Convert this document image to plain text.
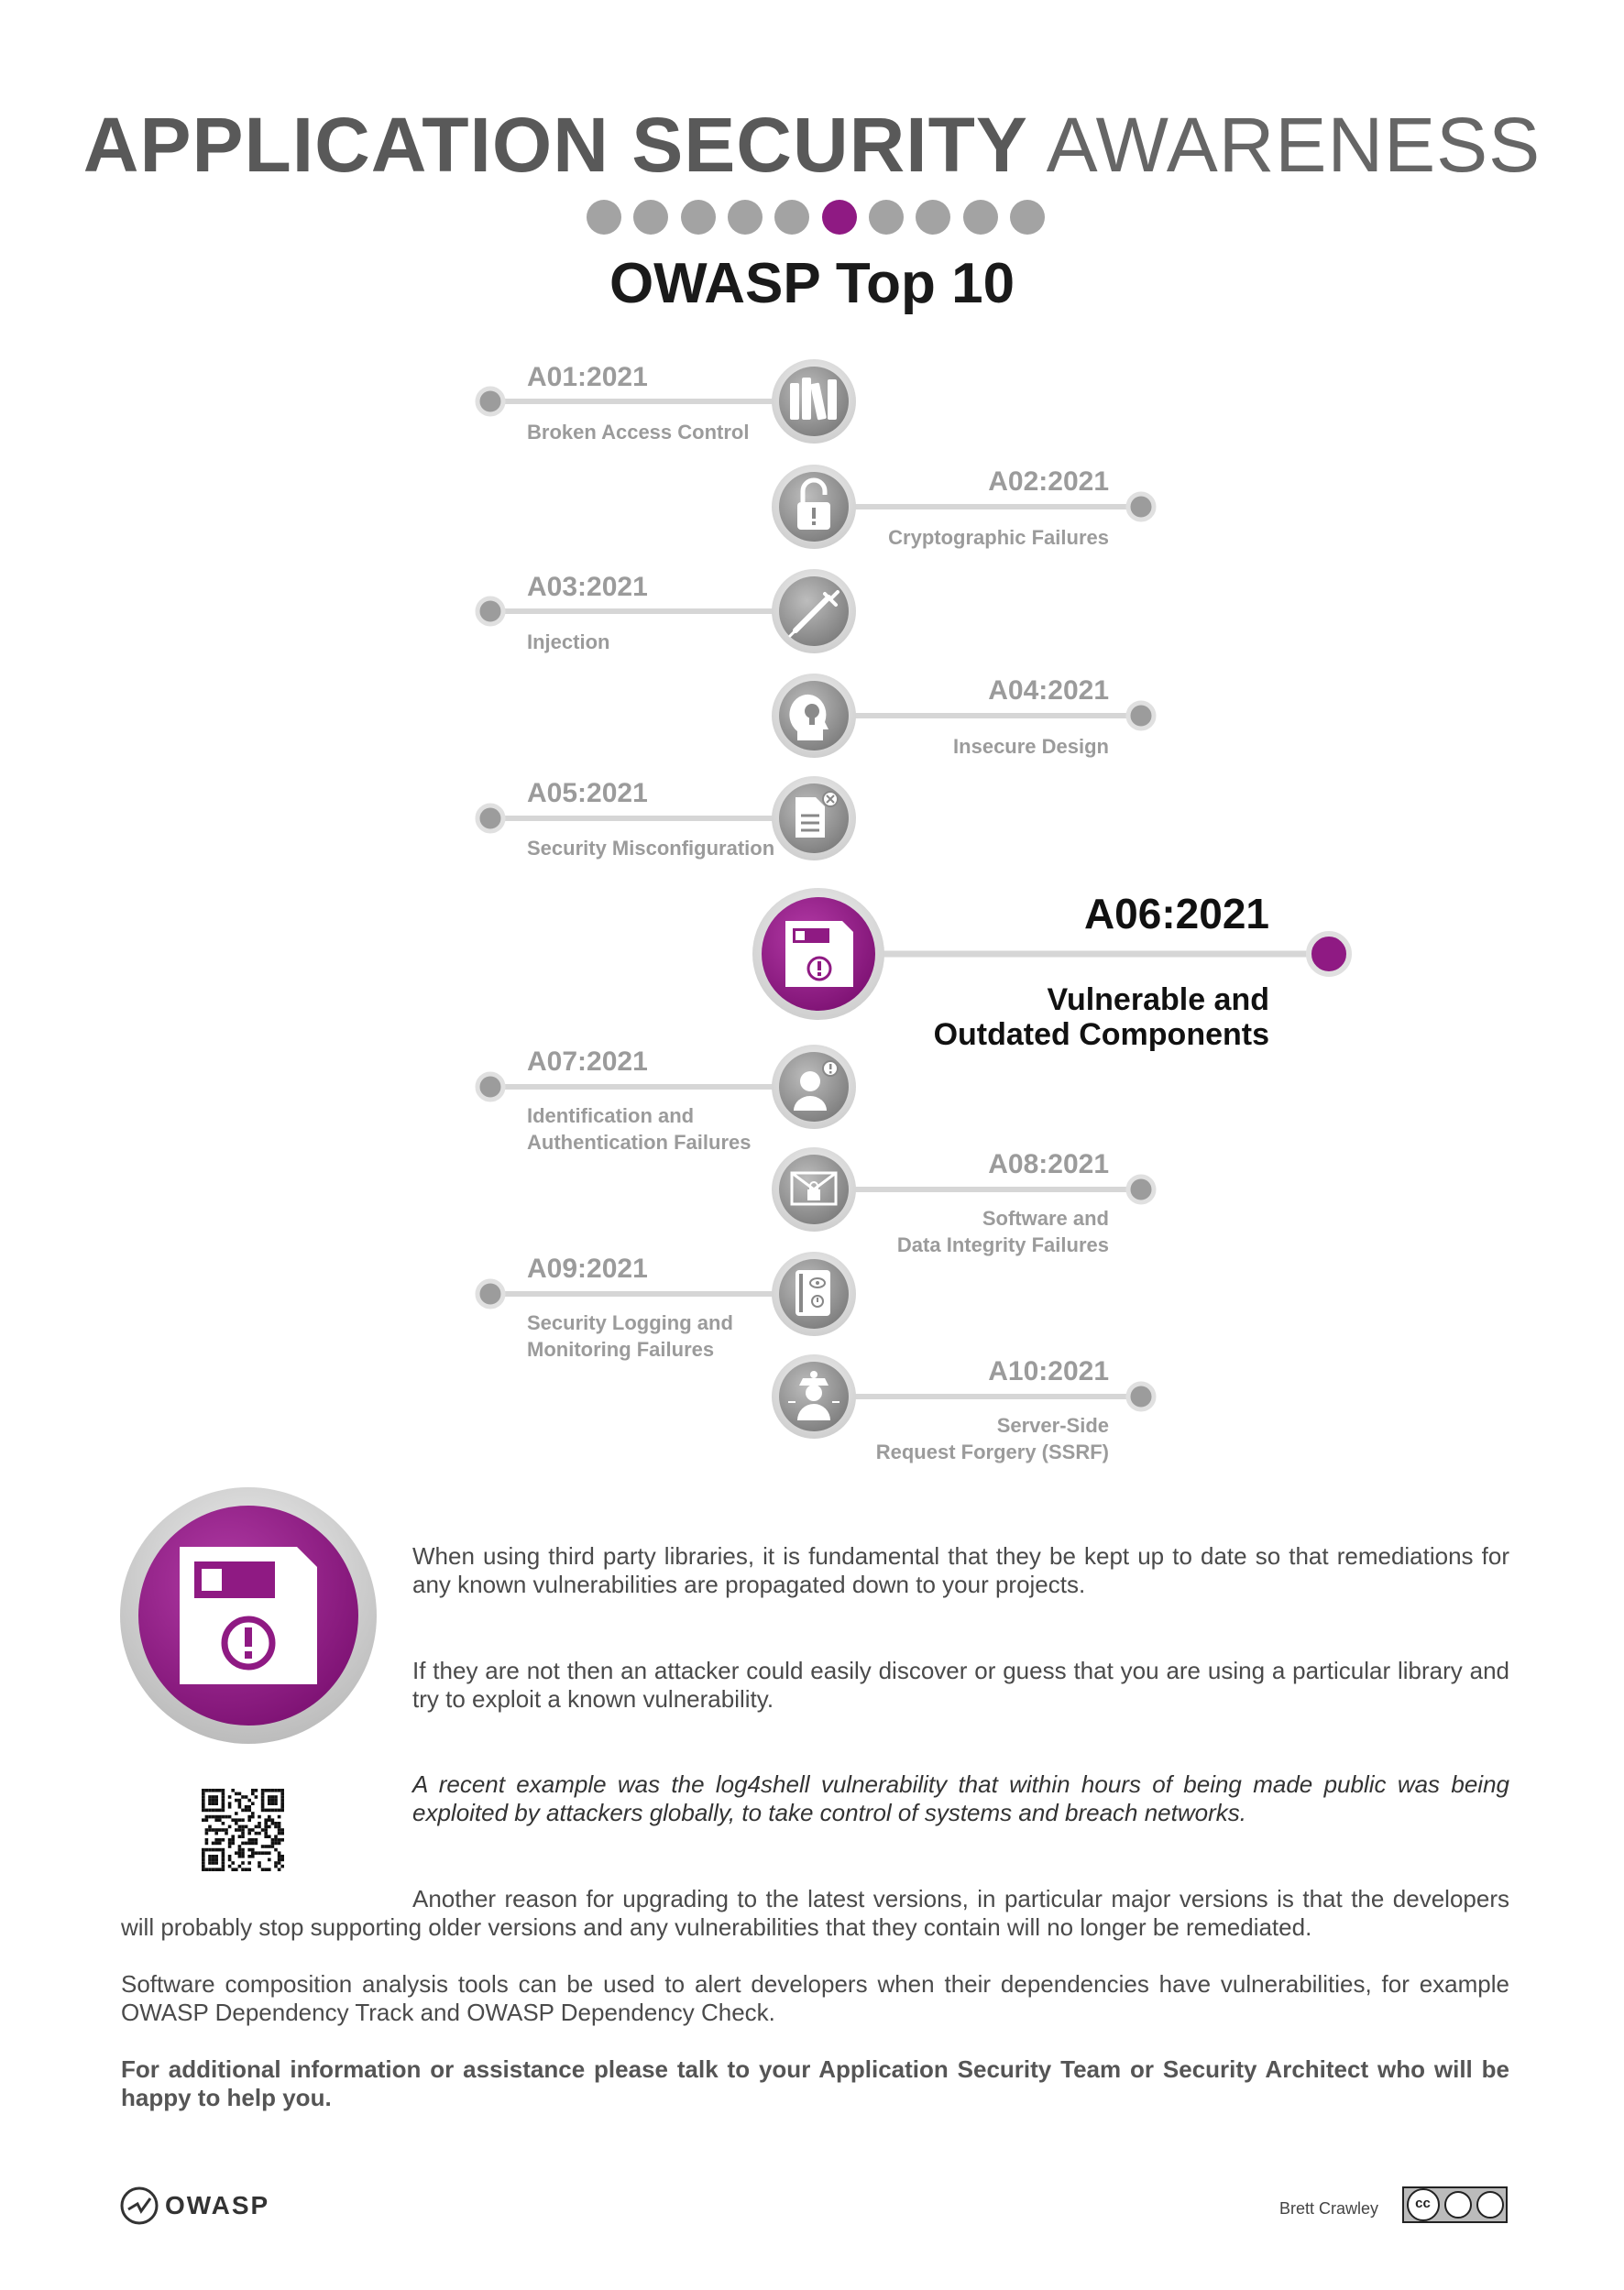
APPLICATION SECURITY AWARENESS
OWASP Top 10
A01:2021
Broken Access Control
A02:2021
Cryptographic Failures
A03:2021
Injection
A04:2021
Insecure Design
A05:2021
Security Misconfiguration
A06:2021
Vulnerable and
Outdated Components
A07:2021
Identification and
Authentication Failures
A08:2021
Software and
Data Integrity Failures
A09:2021
Security Logging and
Monitoring Failures
A10:2021
Server-Side
Request Forgery (SSRF)
When using third party libraries, it is fundamental that they be kept up to date so that remediations for any known vulnerabilities are propagated down to your projects.
If they are not then an attacker could easily discover or guess that you are using a particular library and try to exploit a known vulnerability.
A recent example was the log4shell vulnerability that within hours of being made public was being exploited by attackers globally, to take control of systems and breach networks.
Another reason for upgrading to the latest versions, in particular major versions is that the developers will probably stop supporting older versions and any vulnerabilities that they contain will no longer be remediated.
Software composition analysis tools can be used to alert developers when their dependencies have vulnerabilities, for example OWASP Dependency Track and OWASP Dependency Check.
For additional information or assistance please talk to your Application Security Team or Security Architect who will be happy to help you.
OWASP	Brett Crawley	cc
